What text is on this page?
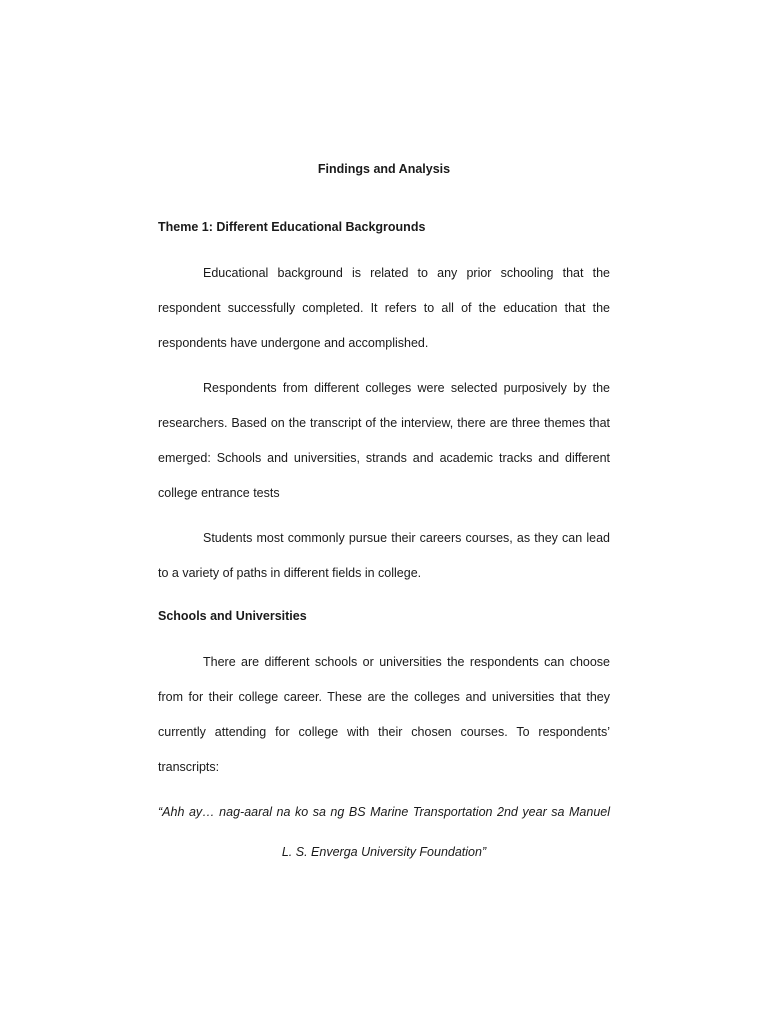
Findings and Analysis
Theme 1: Different Educational Backgrounds

Educational background is related to any prior schooling that the respondent successfully completed. It refers to all of the education that the respondents have undergone and accomplished.

Respondents from different colleges were selected purposively by the researchers. Based on the transcript of the interview, there are three themes that emerged: Schools and universities, strands and academic tracks and different college entrance tests

Students most commonly pursue their careers courses, as they can lead to a variety of paths in different fields in college.

Schools and Universities

There are different schools or universities the respondents can choose from for their college career. These are the colleges and universities that they currently attending for college with their chosen courses. To respondents’ transcripts:

“Ahh ay… nag-aaral na ko sa ng BS Marine Transportation 2nd year sa Manuel L. S. Enverga University Foundation”
